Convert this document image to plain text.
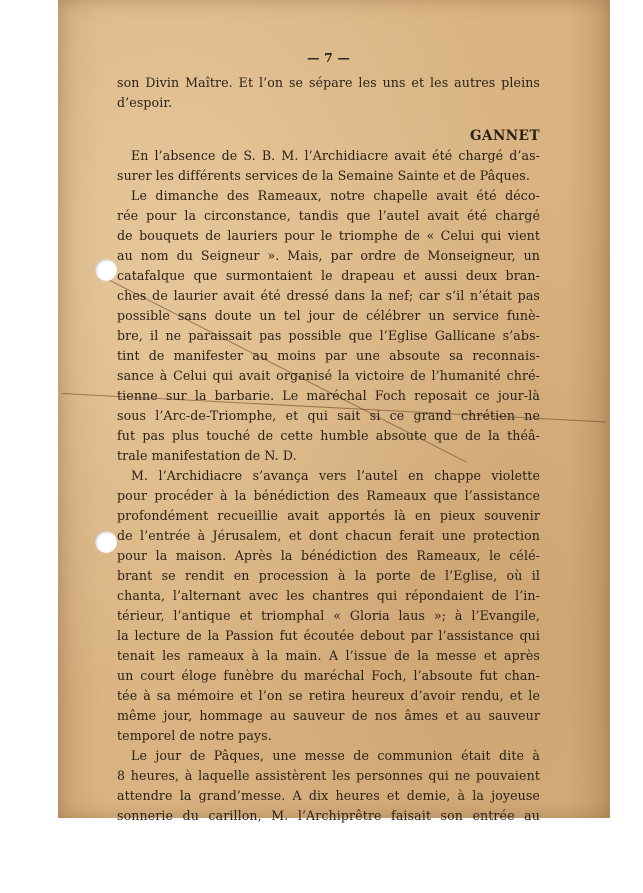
— 7 —
son Divin Maître. Et l’on se sépare les uns et les autres pleins
d’espoir.
GANNET
En l’absence de S. B. M. l’Archidiacre avait été chargé d’as-
surer les différents services de la Semaine Sainte et de Pâques.
Le dimanche des Rameaux, notre chapelle avait été déco-
rée pour la circonstance, tandis que l’autel avait été chargé
de bouquets de lauriers pour le triomphe de « Celui qui vient
au nom du Seigneur ». Mais, par ordre de Monseigneur, un
catafalque que surmontaient le drapeau et aussi deux bran-
ches de laurier avait été dressé dans la nef; car s’il n’était pas
possible sans doute un tel jour de célébrer un service funè-
bre, il ne paraissait pas possible que l’Eglise Gallicane s’abs-
tint de manifester au moins par une absoute sa reconnais-
sance à Celui qui avait organisé la victoire de l’humanité chré-
tienne sur la barbarie. Le maréchal Foch reposait ce jour-là
sous l’Arc-de-Triomphe, et qui sait si ce grand chrétien ne
fut pas plus touché de cette humble absoute que de la théâ-
trale manifestation de N. D.
M. l’Archidiacre s’avança vers l’autel en chappe violette
pour procéder à la bénédiction des Rameaux que l’assistance
profondément recueillie avait apportés là en pieux souvenir
de l’entrée à Jérusalem, et dont chacun ferait une protection
pour la maison. Après la bénédiction des Rameaux, le célé-
brant se rendit en procession à la porte de l’Eglise, où il
chanta, l’alternant avec les chantres qui répondaient de l’in-
térieur, l’antique et triomphal « Gloria laus »; à l’Evangile,
la lecture de la Passion fut écoutée debout par l’assistance qui
tenait les rameaux à la main. A l’issue de la messe et après
un court éloge funèbre du maréchal Foch, l’absoute fut chan-
tée à sa mémoire et l’on se retira heureux d’avoir rendu, et le
même jour, hommage au sauveur de nos âmes et au sauveur
temporel de notre pays.
Le jour de Pâques, une messe de communion était dite à
8 heures, à laquelle assistèrent les personnes qui ne pouvaient
attendre la grand’messe. A dix heures et demie, à la joyeuse
sonnerie du carillon, M. l’Archiprêtre faisait son entrée au
